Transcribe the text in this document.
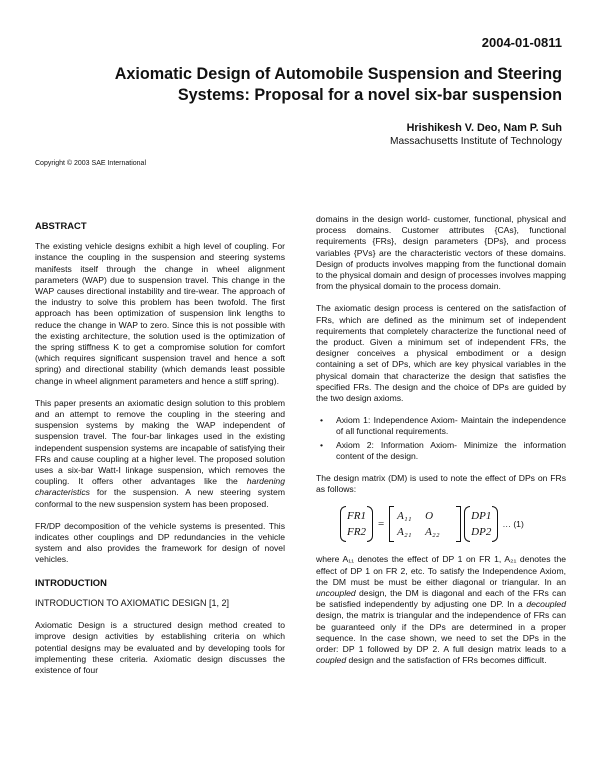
2004-01-0811
Axiomatic Design of Automobile Suspension and Steering
Systems: Proposal for a novel six-bar suspension
Hrishikesh V. Deo, Nam P. Suh
Massachusetts Institute of Technology
Copyright © 2003 SAE International
ABSTRACT

The existing vehicle designs exhibit a high level of coupling. For instance the coupling in the suspension and steering systems manifests itself through the change in wheel alignment parameters (WAP) due to suspension travel. This change in the WAP causes directional instability and tire-wear. The approach of the industry to solve this problem has been twofold. The first approach has been optimization of suspension link lengths to reduce the change in WAP to zero. Since this is not possible with the existing architecture, the solution used is the optimization of the spring stiffness K to get a compromise solution for comfort (which requires significant suspension travel and hence a soft spring) and directional stability (which demands least possible change in wheel alignment parameters and hence a stiff spring).

This paper presents an axiomatic design solution to this problem and an attempt to remove the coupling in the steering and suspension systems by making the WAP independent of suspension travel. The four-bar linkages used in the existing independent suspension systems are incapable of satisfying their FRs and cause coupling at a higher level. The proposed solution uses a six-bar Watt-I linkage suspension, which removes the coupling. It offers other advantages like the hardening characteristics for the suspension. A new steering system conformal to the new suspension system has been proposed.

FR/DP decomposition of the vehicle systems is presented. This indicates other couplings and DP redundancies in the vehicle system and also provides the framework for design of novel vehicles.

INTRODUCTION
INTRODUCTION TO AXIOMATIC DESIGN [1, 2]

Axiomatic Design is a structured design method created to improve design activities by establishing criteria on which potential designs may be evaluated and by developing tools for implementing these criteria. Axiomatic design discusses the existence of four

domains in the design world- customer, functional, physical and process domains. Customer attributes {CAs}, functional requirements {FRs}, design parameters {DPs}, and process variables {PVs} are the characteristic vectors of these domains. Design of products involves mapping from the functional domain to the physical domain and design of processes involves mapping from the physical domain to the process domain.

The axiomatic design process is centered on the satisfaction of FRs, which are defined as the minimum set of independent requirements that completely characterize the functional need of the product. Given a minimum set of independent FRs, the designer conceives a physical embodiment or a design containing a set of DPs, which are key physical variables in the physical domain that characterize the design that satisfies the specified FRs. The design and the choice of DPs are guided by the two design axioms.

• Axiom 1: Independence Axiom- Maintain the independence of all functional requirements.
• Axiom 2: Information Axiom- Minimize the information content of the design.

The design matrix (DM) is used to note the effect of DPs on FRs as follows:

FR1
FR2
=
A₁₁	O
A₂₁	A₂₂
DP1
DP2
… (1)

where A₁₁ denotes the effect of DP 1 on FR 1, A₂₁ denotes the effect of DP 1 on FR 2, etc. To satisfy the Independence Axiom, the DM must be must be either diagonal or triangular. In an uncoupled design, the DM is diagonal and each of the FRs can be satisfied independently by adjusting one DP. In a decoupled design, the matrix is triangular and the independence of FRs can be guaranteed only if the DPs are determined in a proper sequence. In the case shown, we need to set the DPs in the order: DP 1 followed by DP 2. A full design matrix leads to a coupled design and the satisfaction of FRs becomes difficult.
